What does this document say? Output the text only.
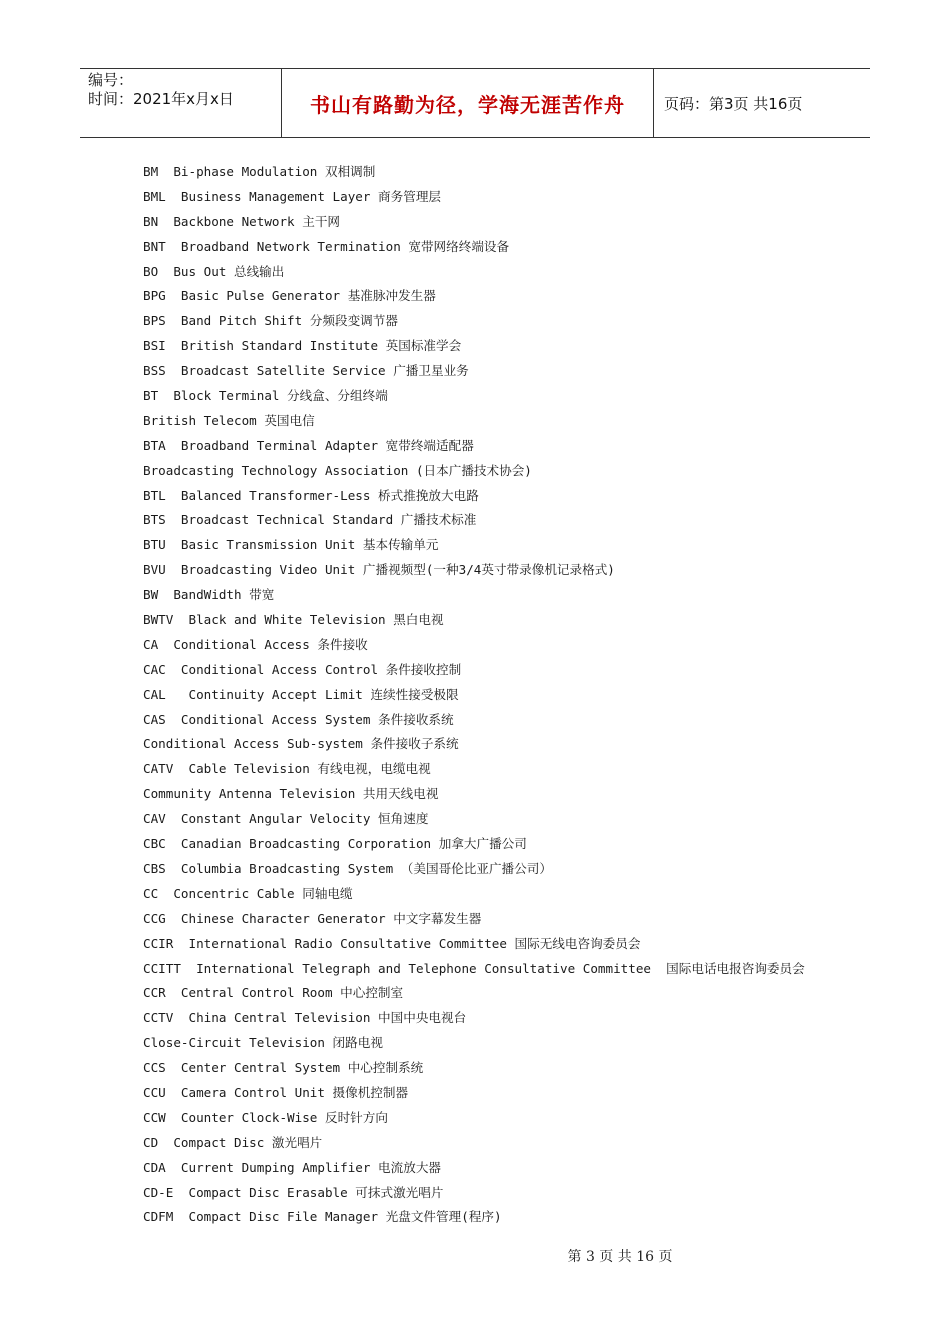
编号：
时间：2021年x月x日	书山有路勤为径，学海无涯苦作舟	页码：第3页 共16页
BM  Bi-phase Modulation 双相调制
BML  Business Management Layer 商务管理层
BN  Backbone Network 主干网
BNT  Broadband Network Termination 宽带网络终端设备
BO  Bus Out 总线输出
BPG  Basic Pulse Generator 基准脉冲发生器
BPS  Band Pitch Shift 分频段变调节器
BSI  British Standard Institute 英国标准学会
BSS  Broadcast Satellite Service 广播卫星业务
BT  Block Terminal 分线盒、分组终端
British Telecom 英国电信
BTA  Broadband Terminal Adapter 宽带终端适配器
Broadcasting Technology Association (日本广播技术协会)
BTL  Balanced Transformer-Less 桥式推挽放大电路
BTS  Broadcast Technical Standard 广播技术标准
BTU  Basic Transmission Unit 基本传输单元
BVU  Broadcasting Video Unit 广播视频型(一种3/4英寸带录像机记录格式)
BW  BandWidth 带宽
BWTV  Black and White Television 黑白电视
CA  Conditional Access 条件接收
CAC  Conditional Access Control 条件接收控制
CAL   Continuity Accept Limit 连续性接受极限
CAS  Conditional Access System 条件接收系统
Conditional Access Sub-system 条件接收子系统
CATV  Cable Television 有线电视，电缆电视
Community Antenna Television 共用天线电视
CAV  Constant Angular Velocity 恒角速度
CBC  Canadian Broadcasting Corporation 加拿大广播公司
CBS  Columbia Broadcasting System （美国哥伦比亚广播公司）
CC  Concentric Cable 同轴电缆
CCG  Chinese Character Generator 中文字幕发生器
CCIR  International Radio Consultative Committee 国际无线电咨询委员会
CCITT  International Telegraph and Telephone Consultative Committee  国际电话电报咨询委员会
CCR  Central Control Room 中心控制室
CCTV  China Central Television 中国中央电视台
Close-Circuit Television 闭路电视
CCS  Center Central System 中心控制系统
CCU  Camera Control Unit 摄像机控制器
CCW  Counter Clock-Wise 反时针方向
CD  Compact Disc 激光唱片
CDA  Current Dumping Amplifier 电流放大器
CD-E  Compact Disc Erasable 可抹式激光唱片
CDFM  Compact Disc File Manager 光盘文件管理(程序)
第 3 页 共 16 页
